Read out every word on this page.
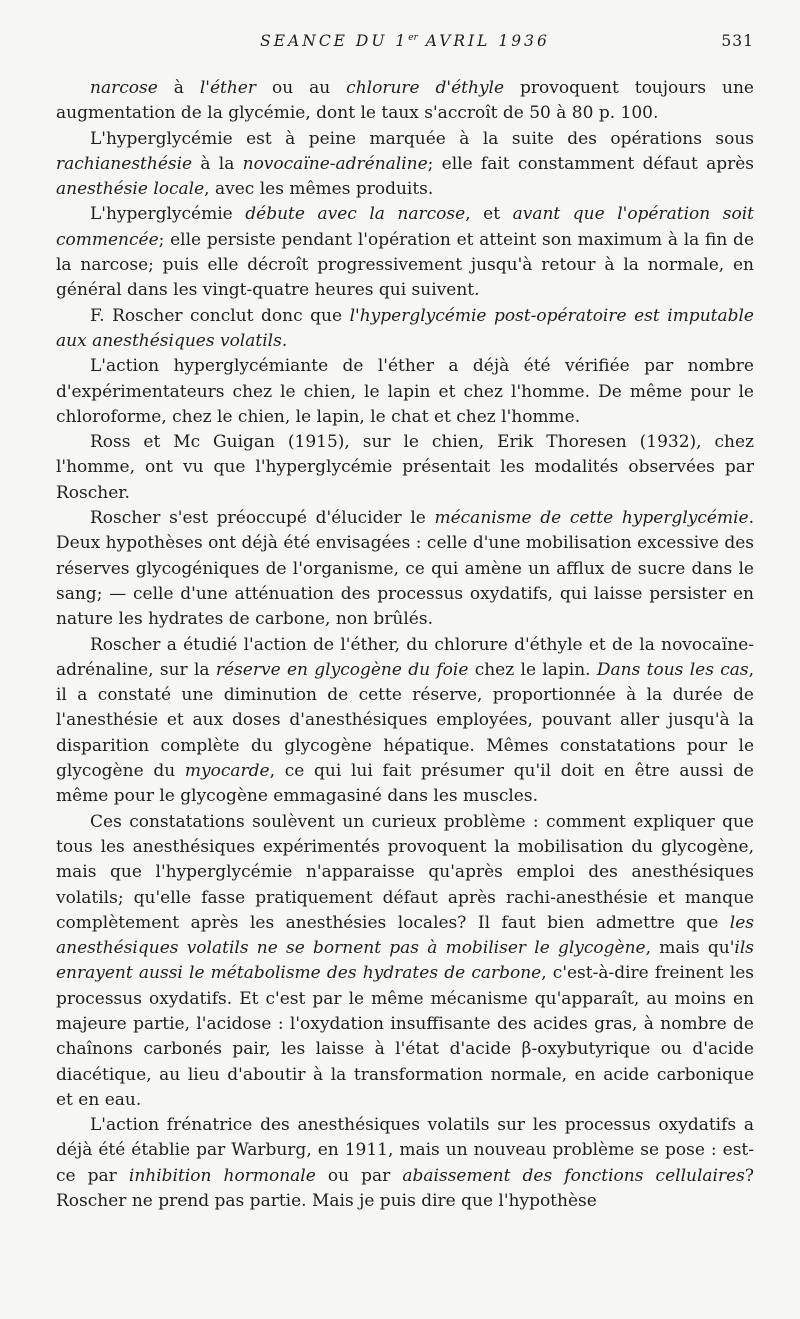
SEANCE DU 1er AVRIL 1936	531

narcose à l'éther ou au chlorure d'éthyle provoquent toujours une augmentation de la glycémie, dont le taux s'accroît de 50 à 80 p. 100.

L'hyperglycémie est à peine marquée à la suite des opérations sous rachianesthésie à la novocaïne-adrénaline; elle fait constamment défaut après anesthésie locale, avec les mêmes produits.

L'hyperglycémie débute avec la narcose, et avant que l'opération soit commencée; elle persiste pendant l'opération et atteint son maximum à la fin de la narcose; puis elle décroît progressivement jusqu'à retour à la normale, en général dans les vingt-quatre heures qui suivent.

F. Roscher conclut donc que l'hyperglycémie post-opératoire est imputable aux anesthésiques volatils.

L'action hyperglycémiante de l'éther a déjà été vérifiée par nombre d'expérimentateurs chez le chien, le lapin et chez l'homme. De même pour le chloroforme, chez le chien, le lapin, le chat et chez l'homme.

Ross et Mc Guigan (1915), sur le chien, Erik Thoresen (1932), chez l'homme, ont vu que l'hyperglycémie présentait les modalités observées par Roscher.

Roscher s'est préoccupé d'élucider le mécanisme de cette hyperglycémie. Deux hypothèses ont déjà été envisagées : celle d'une mobilisation excessive des réserves glycogéniques de l'organisme, ce qui amène un afflux de sucre dans le sang; — celle d'une atténuation des processus oxydatifs, qui laisse persister en nature les hydrates de carbone, non brûlés.

Roscher a étudié l'action de l'éther, du chlorure d'éthyle et de la novocaïne-adrénaline, sur la réserve en glycogène du foie chez le lapin. Dans tous les cas, il a constaté une diminution de cette réserve, proportionnée à la durée de l'anesthésie et aux doses d'anesthésiques employées, pouvant aller jusqu'à la disparition complète du glycogène hépatique. Mêmes constatations pour le glycogène du myocarde, ce qui lui fait présumer qu'il doit en être aussi de même pour le glycogène emmagasiné dans les muscles.

Ces constatations soulèvent un curieux problème : comment expliquer que tous les anesthésiques expérimentés provoquent la mobilisation du glycogène, mais que l'hyperglycémie n'apparaisse qu'après emploi des anesthésiques volatils; qu'elle fasse pratiquement défaut après rachi-anesthésie et manque complètement après les anesthésies locales? Il faut bien admettre que les anesthésiques volatils ne se bornent pas à mobiliser le glycogène, mais qu'ils enrayent aussi le métabolisme des hydrates de carbone, c'est-à-dire freinent les processus oxydatifs. Et c'est par le même mécanisme qu'apparaît, au moins en majeure partie, l'acidose : l'oxydation insuffisante des acides gras, à nombre de chaînons carbonés pair, les laisse à l'état d'acide β-oxybutyrique ou d'acide diacétique, au lieu d'aboutir à la transformation normale, en acide carbonique et en eau.

L'action frénatrice des anesthésiques volatils sur les processus oxydatifs a déjà été établie par Warburg, en 1911, mais un nouveau problème se pose : est-ce par inhibition hormonale ou par abaissement des fonctions cellulaires? Roscher ne prend pas partie. Mais je puis dire que l'hypothèse
